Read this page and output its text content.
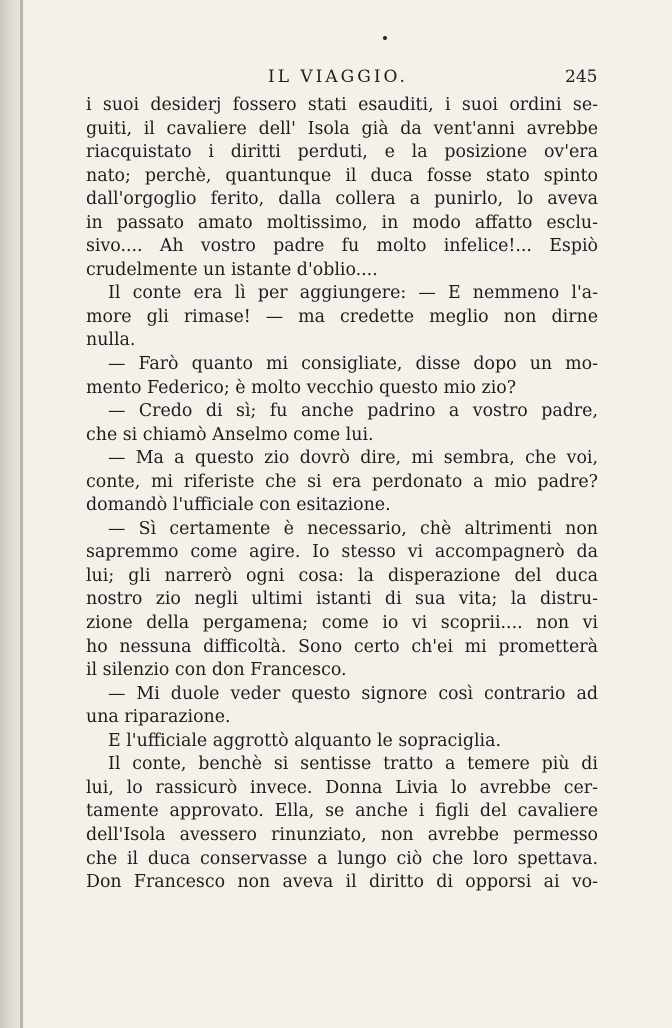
IL VIAGGIO.	245
i suoi desiderj fossero stati esauditi, i suoi ordini se-
guiti, il cavaliere dell' Isola già da vent'anni avrebbe
riacquistato i diritti perduti, e la posizione ov'era
nato; perchè, quantunque il duca fosse stato spinto
dall'orgoglio ferito, dalla collera a punirlo, lo aveva
in passato amato moltissimo, in modo affatto esclu-
sivo.... Ah vostro padre fu molto infelice!... Espiò
crudelmente un istante d'oblio....
Il conte era lì per aggiungere: — E nemmeno l'a-
more gli rimase! — ma credette meglio non dirne
nulla.
— Farò quanto mi consigliate, disse dopo un mo-
mento Federico; è molto vecchio questo mio zio?
— Credo di sì; fu anche padrino a vostro padre,
che si chiamò Anselmo come lui.
— Ma a questo zio dovrò dire, mi sembra, che voi,
conte, mi riferiste che si era perdonato a mio padre?
domandò l'ufficiale con esitazione.
— Sì certamente è necessario, chè altrimenti non
sapremmo come agire. Io stesso vi accompagnerò da
lui; gli narrerò ogni cosa: la disperazione del duca
nostro zio negli ultimi istanti di sua vita; la distru-
zione della pergamena; come io vi scoprii.... non vi
ho nessuna difficoltà. Sono certo ch'ei mi prometterà
il silenzio con don Francesco.
— Mi duole veder questo signore così contrario ad
una riparazione.
E l'ufficiale aggrottò alquanto le sopraciglia.
Il conte, benchè si sentisse tratto a temere più di
lui, lo rassicurò invece. Donna Livia lo avrebbe cer-
tamente approvato. Ella, se anche i figli del cavaliere
dell'Isola avessero rinunziato, non avrebbe permesso
che il duca conservasse a lungo ciò che loro spettava.
Don Francesco non aveva il diritto di opporsi ai vo-
